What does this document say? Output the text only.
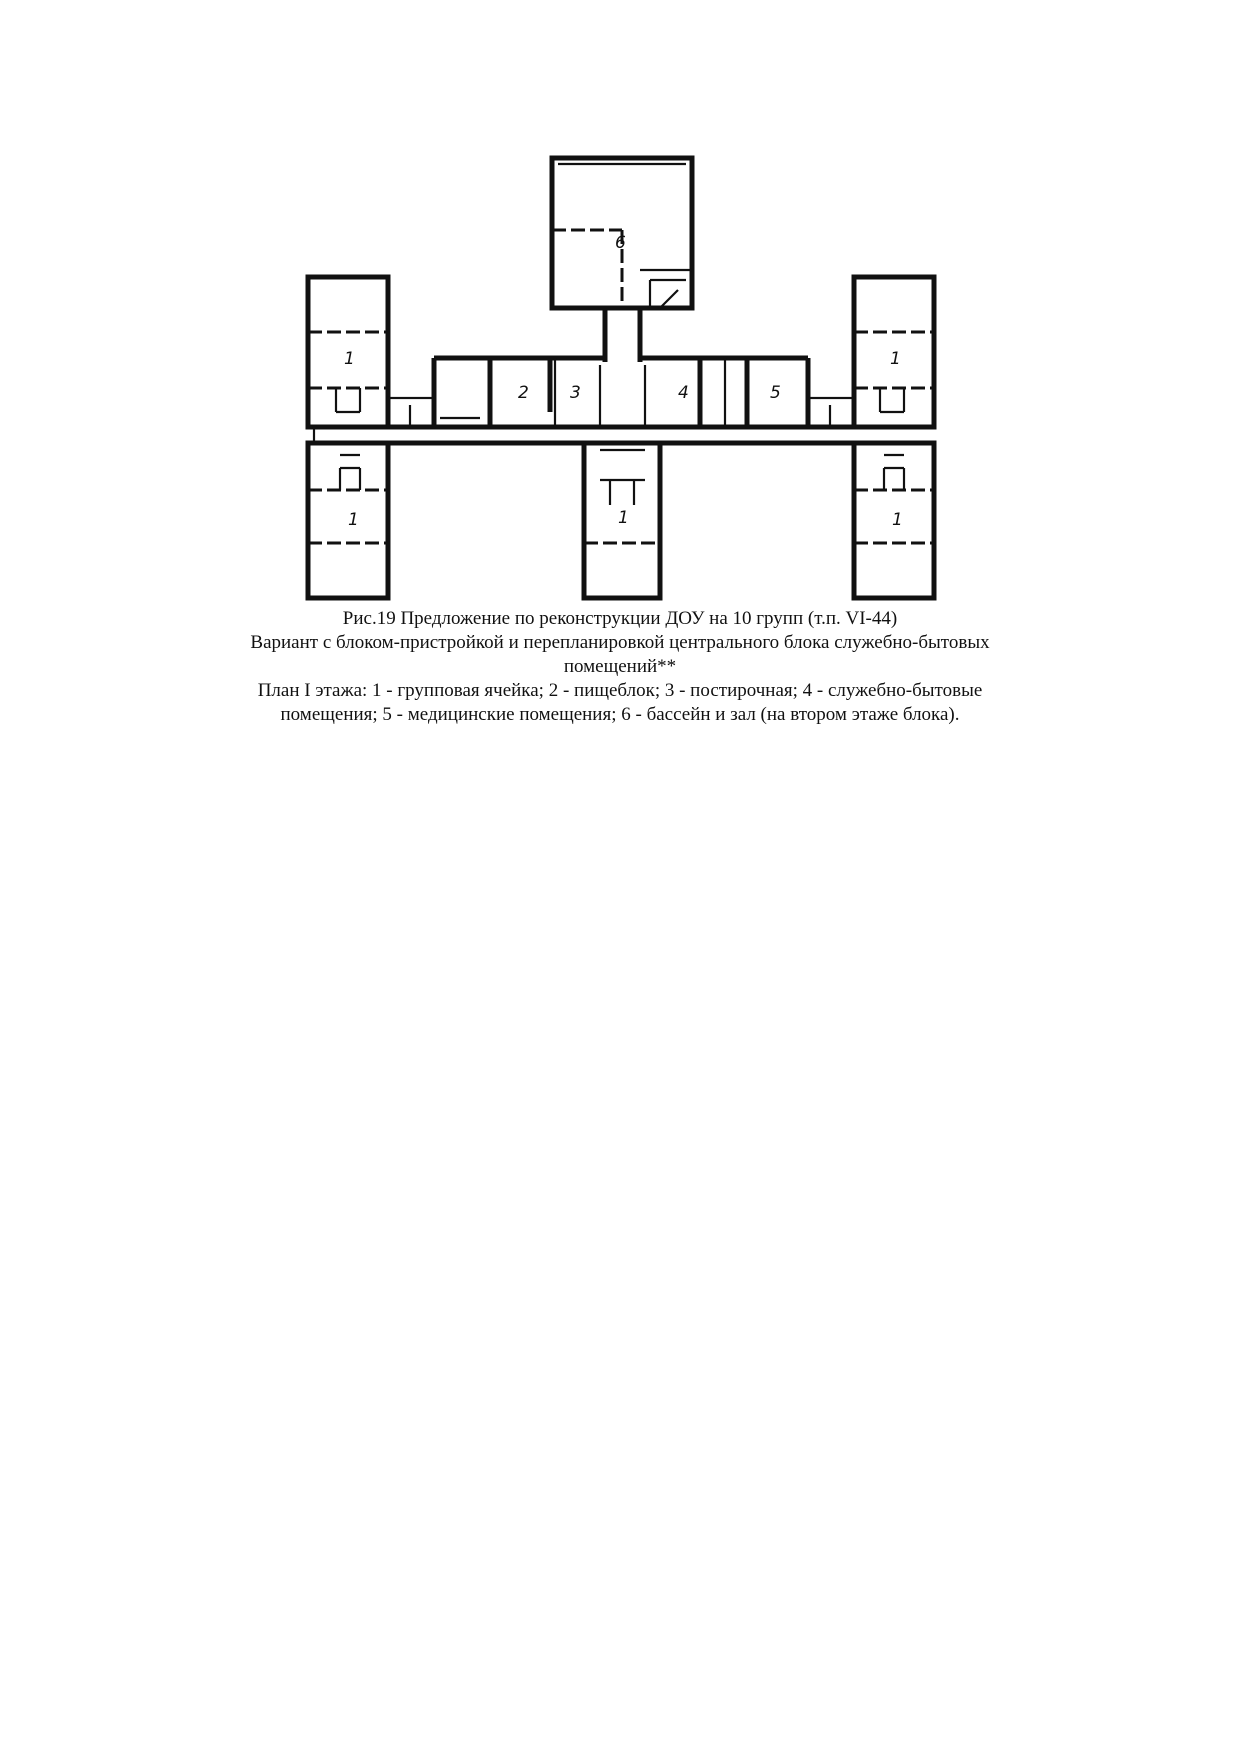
6
1
1
1
1
1
2 3	4	5
Рис.19 Предложение по реконструкции ДОУ на 10 групп (т.п. VI-44)
Вариант с блоком-пристройкой и перепланировкой центрального блока служебно-бытовых
помещений**
План I этажа: 1 - групповая ячейка; 2 - пищеблок; 3 - постирочная; 4 - служебно-бытовые
помещения; 5 - медицинские помещения; 6 - бассейн и зал (на втором этаже блока).
